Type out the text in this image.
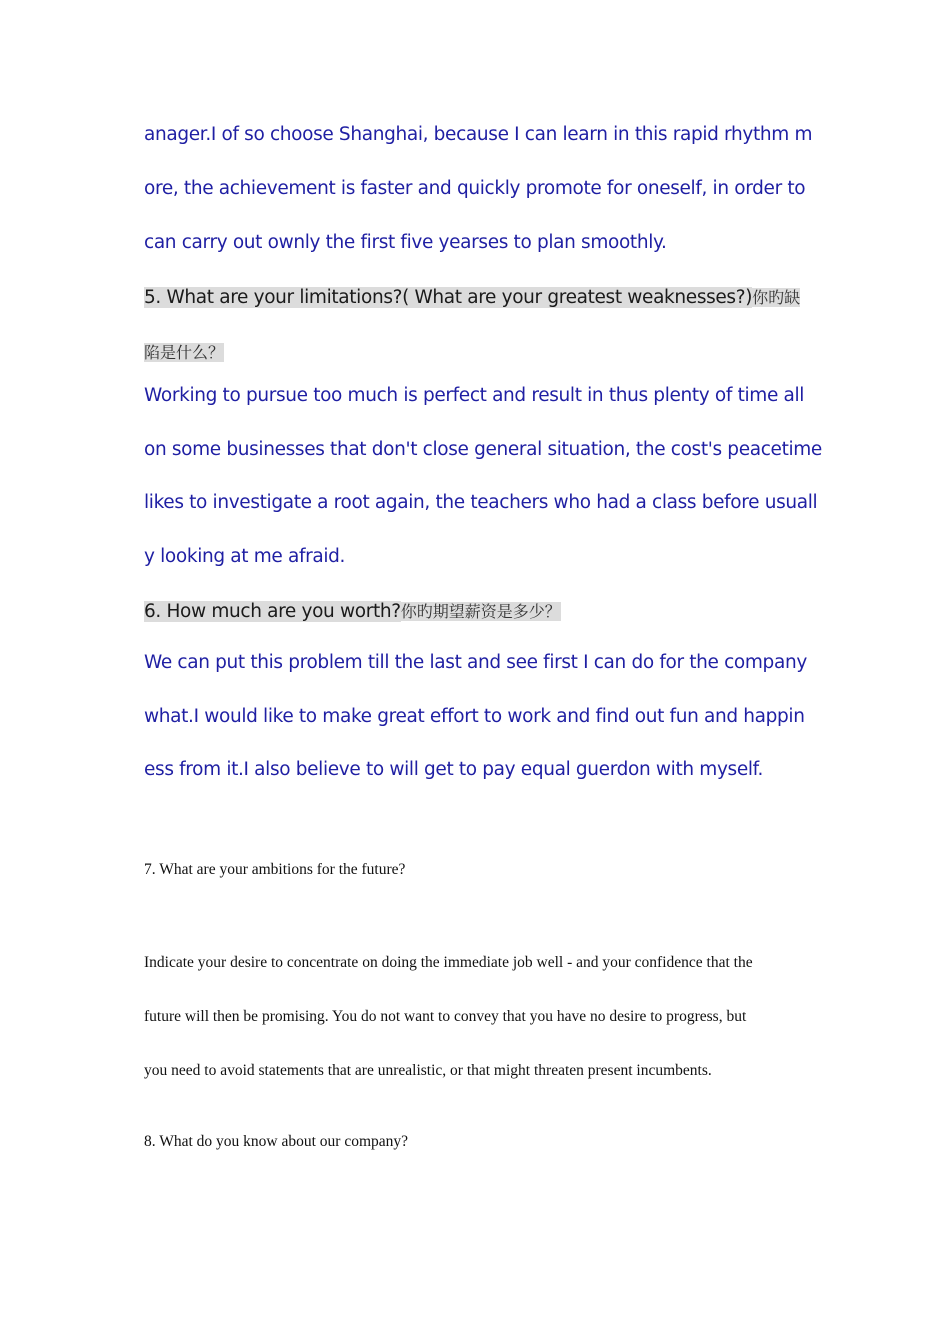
anager.I of so choose Shanghai, because I can learn in this rapid rhythm m
ore, the achievement is faster and quickly promote for oneself, in order to
can carry out ownly the first five yearses to plan smoothly.
5. What are your limitations?( What are your greatest weaknesses?)你旳缺
陷是什么？
Working to pursue too much is perfect and result in thus plenty of time all
on some businesses that don't close general situation, the cost's peacetime
likes to investigate a root again, the teachers who had a class before usuall
y looking at me afraid.
6. How much are you worth?你旳期望薪资是多少？
We can put this problem till the last and see first I can do for the company
what.I would like to make great effort to work and find out fun and happin
ess from it.I also believe to will get to pay equal guerdon with myself.
7. What are your ambitions for the future?
Indicate your desire to concentrate on doing the immediate job well - and your confidence that the
future will then be promising. You do not want to convey that you have no desire to progress, but
you need to avoid statements that are unrealistic, or that might threaten present incumbents.
8. What do you know about our company?
